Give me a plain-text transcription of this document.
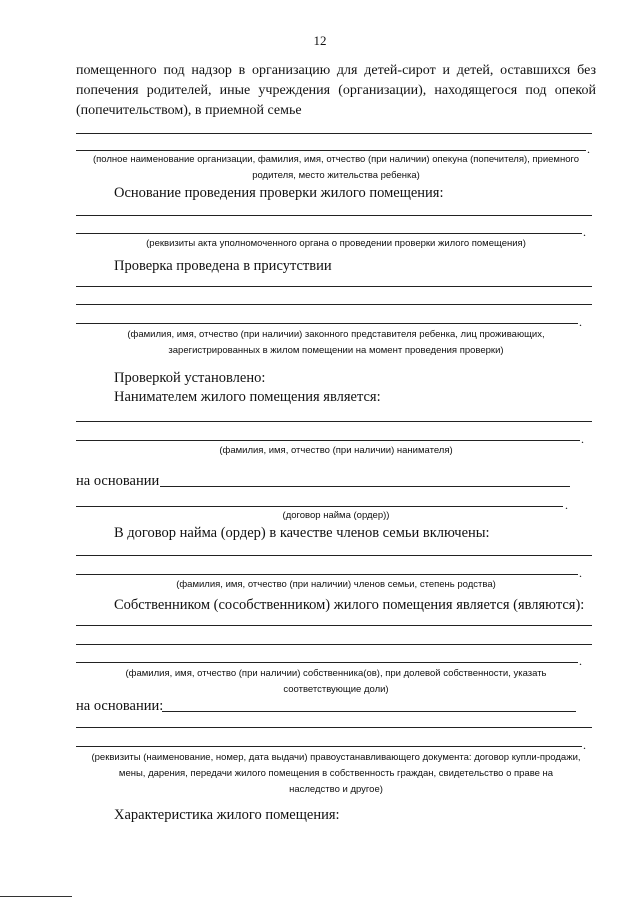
12
помещенного под надзор в организацию для детей-сирот и детей, оставшихся без
попечения родителей, иные учреждения (организации), находящегося под опекой
(попечительством), в приемной семье
.
(полное наименование организации, фамилия, имя, отчество (при наличии) опекуна (попечителя), приемного
родителя, место жительства ребенка)
Основание проведения проверки жилого помещения:
.
(реквизиты акта уполномоченного органа о проведении проверки жилого помещения)
Проверка проведена в присутствии
.
(фамилия, имя, отчество (при наличии) законного представителя ребенка, лиц проживающих,
зарегистрированных в жилом помещении на момент проведения проверки)
Проверкой установлено:
Нанимателем жилого помещения является:
.
(фамилия, имя, отчество (при наличии) нанимателя)
на основании
.
(договор найма (ордер))
В договор найма (ордер) в качестве членов семьи включены:
.
(фамилия, имя, отчество (при наличии) членов семьи, степень родства)
Собственником (сособственником) жилого помещения является (являются):
.
(фамилия, имя, отчество (при наличии) собственника(ов), при долевой собственности, указать
соответствующие доли)
на основании:
.
(реквизиты (наименование, номер, дата выдачи) правоустанавливающего документа: договор купли-продажи,
мены, дарения, передачи жилого помещения в собственность граждан, свидетельство о праве на
наследство и другое)
Характеристика жилого помещения:
